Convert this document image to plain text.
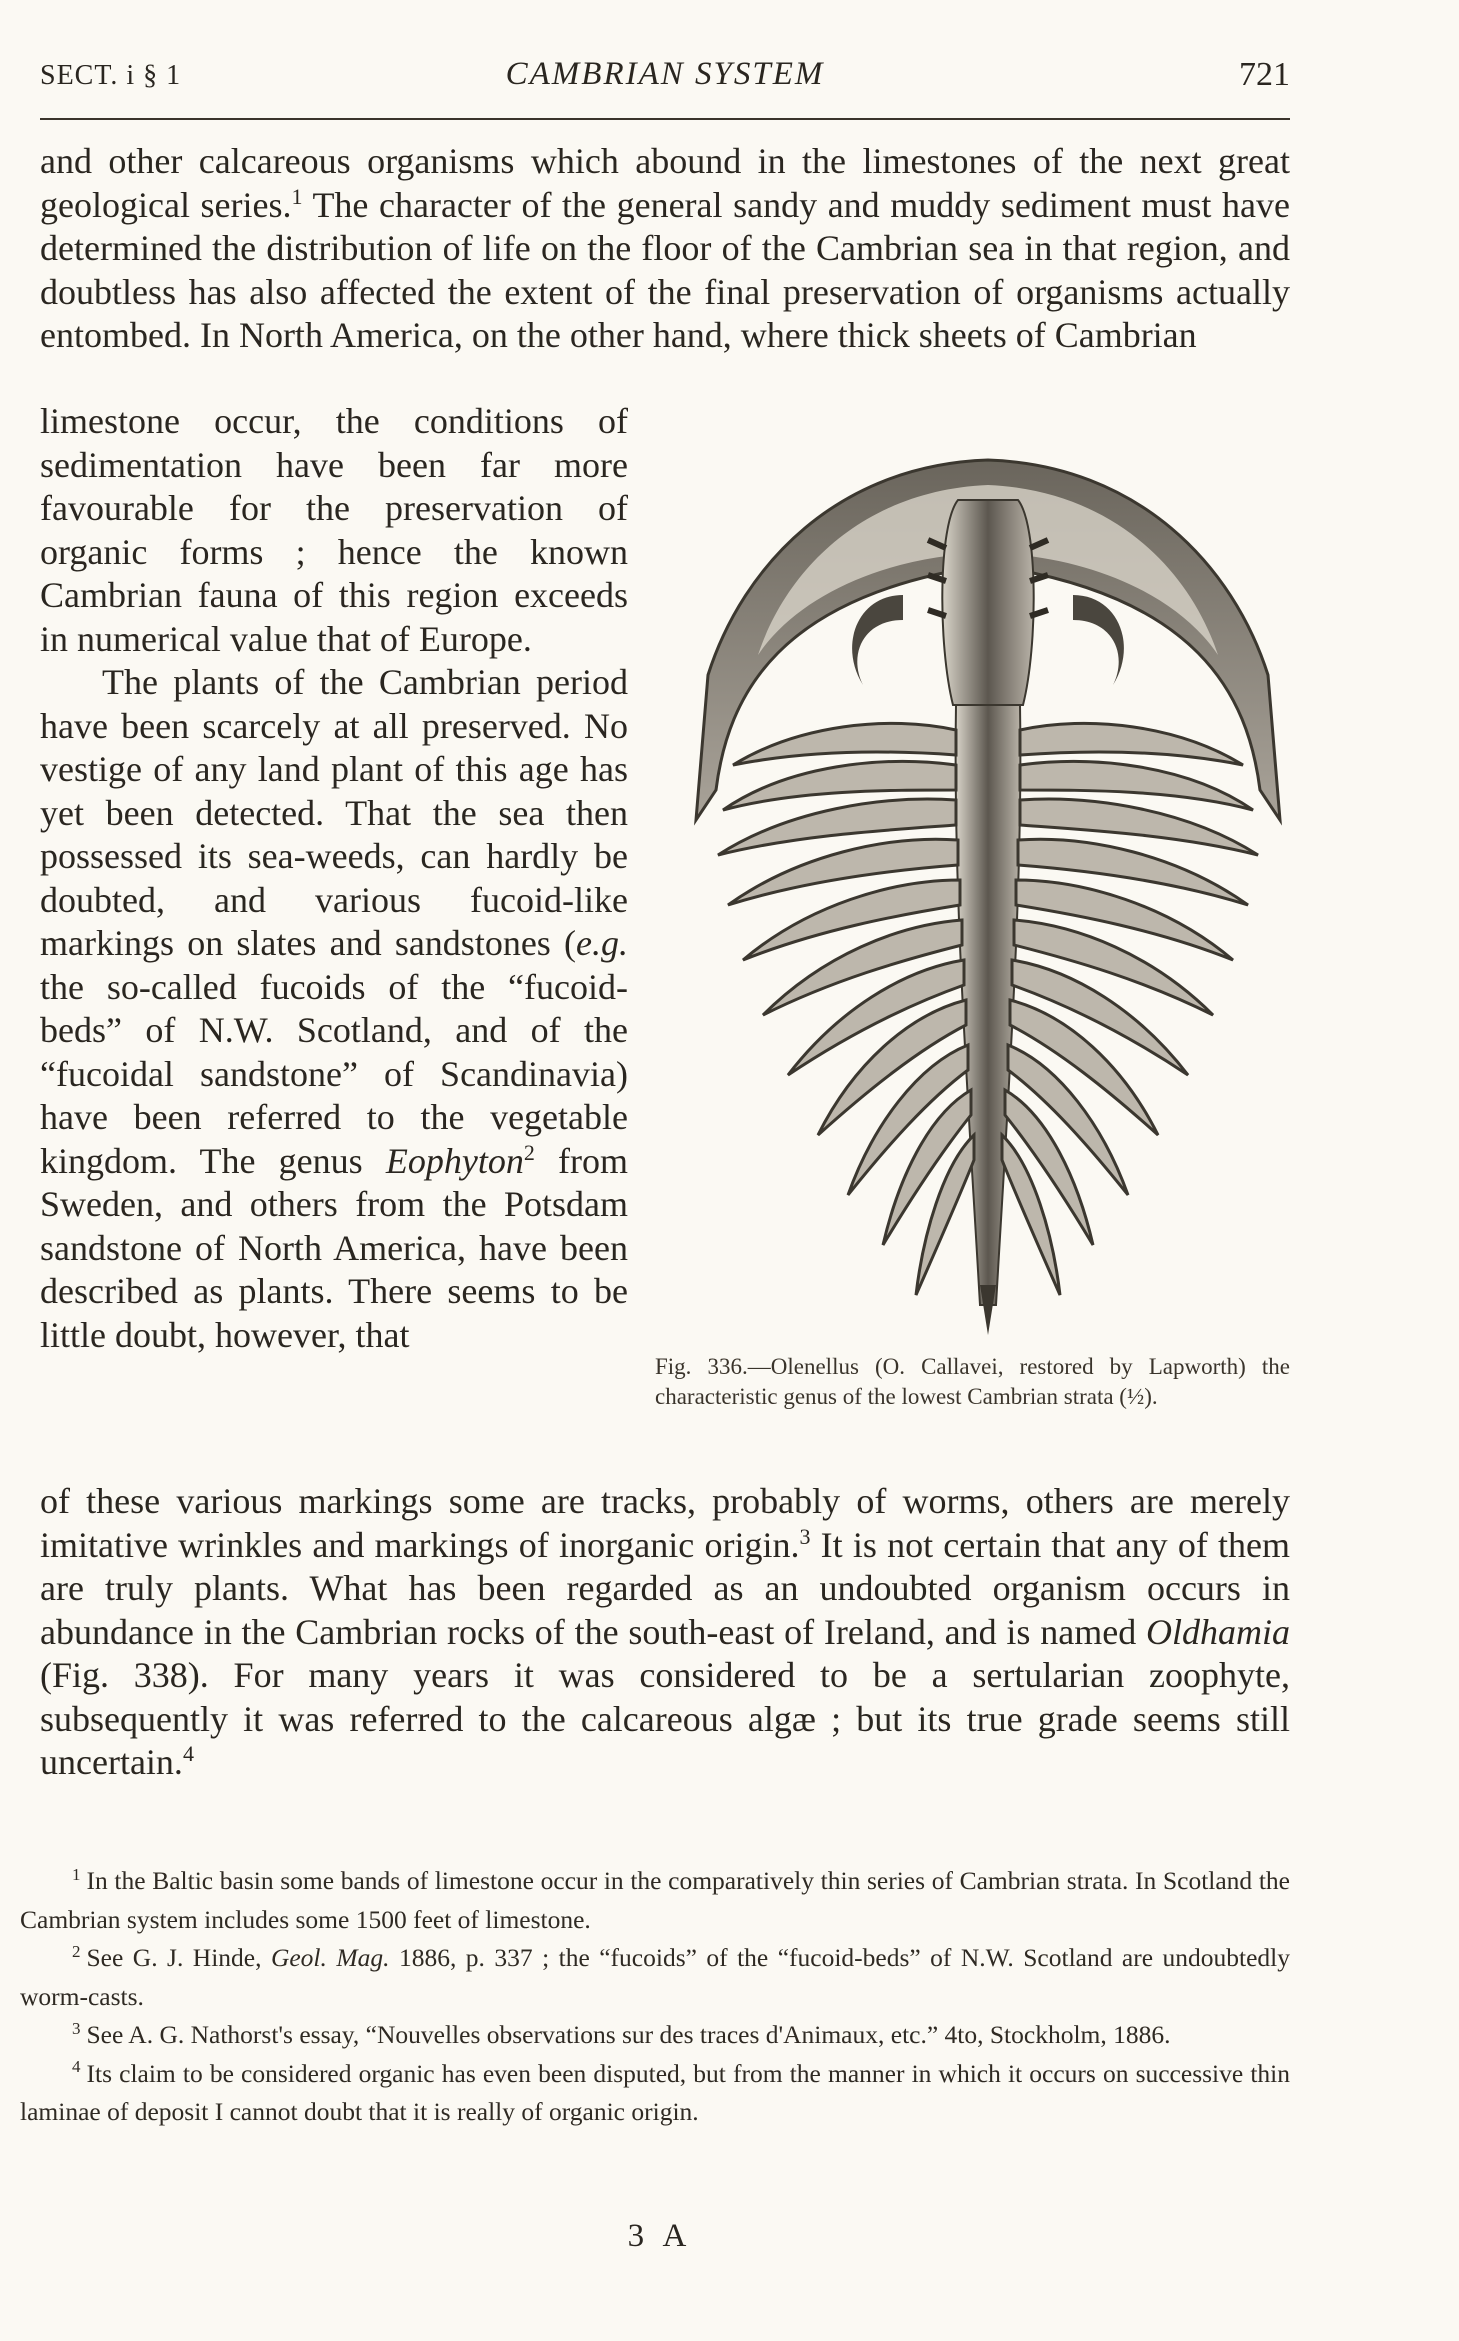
SECT. i § 1	CAMBRIAN SYSTEM	721
and other calcareous organisms which abound in the limestones of the next great geological series.$^1$ The character of the general sandy and muddy sediment must have determined the distribution of life on the floor of the Cambrian sea in that region, and doubtless has also affected the extent of the final preservation of organisms actually entombed. In North America, on the other hand, where thick sheets of Cambrian
limestone occur, the conditions of sedimentation have been far more favourable for the preservation of organic forms ; hence the known Cambrian fauna of this region exceeds in numerical value that of Europe.
The plants of the Cambrian period have been scarcely at all preserved. No vestige of any land plant of this age has yet been detected. That the sea then possessed its sea-weeds, can hardly be doubted, and various fucoid-like markings on slates and sandstones (e.g. the so-called fucoids of the “fucoid-beds” of N.W. Scotland, and of the “fucoidal sandstone” of Scandinavia) have been referred to the vegetable kingdom. The genus Eophyton$^2$ from Sweden, and others from the Potsdam sandstone of North America, have been described as plants. There seems to be little doubt, however, that
Fig. 336.—Olenellus (O. Callavei, restored by Lapworth) the characteristic genus of the lowest Cambrian strata (½).
of these various markings some are tracks, probably of worms, others are merely imitative wrinkles and markings of inorganic origin.$^3$ It is not certain that any of them are truly plants. What has been regarded as an undoubted organism occurs in abundance in the Cambrian rocks of the south-east of Ireland, and is named Oldhamia (Fig. 338). For many years it was considered to be a sertularian zoophyte, subsequently it was referred to the calcareous algæ ; but its true grade seems still uncertain.$^4$
$^1$ In the Baltic basin some bands of limestone occur in the comparatively thin series of Cambrian strata. In Scotland the Cambrian system includes some 1500 feet of limestone.
$^2$ See G. J. Hinde, Geol. Mag. 1886, p. 337 ; the “fucoids” of the “fucoid-beds” of N.W. Scotland are undoubtedly worm-casts.
$^3$ See A. G. Nathorst's essay, “Nouvelles observations sur des traces d'Animaux, etc.” 4to, Stockholm, 1886.
$^4$ Its claim to be considered organic has even been disputed, but from the manner in which it occurs on successive thin laminae of deposit I cannot doubt that it is really of organic origin.
3 A
